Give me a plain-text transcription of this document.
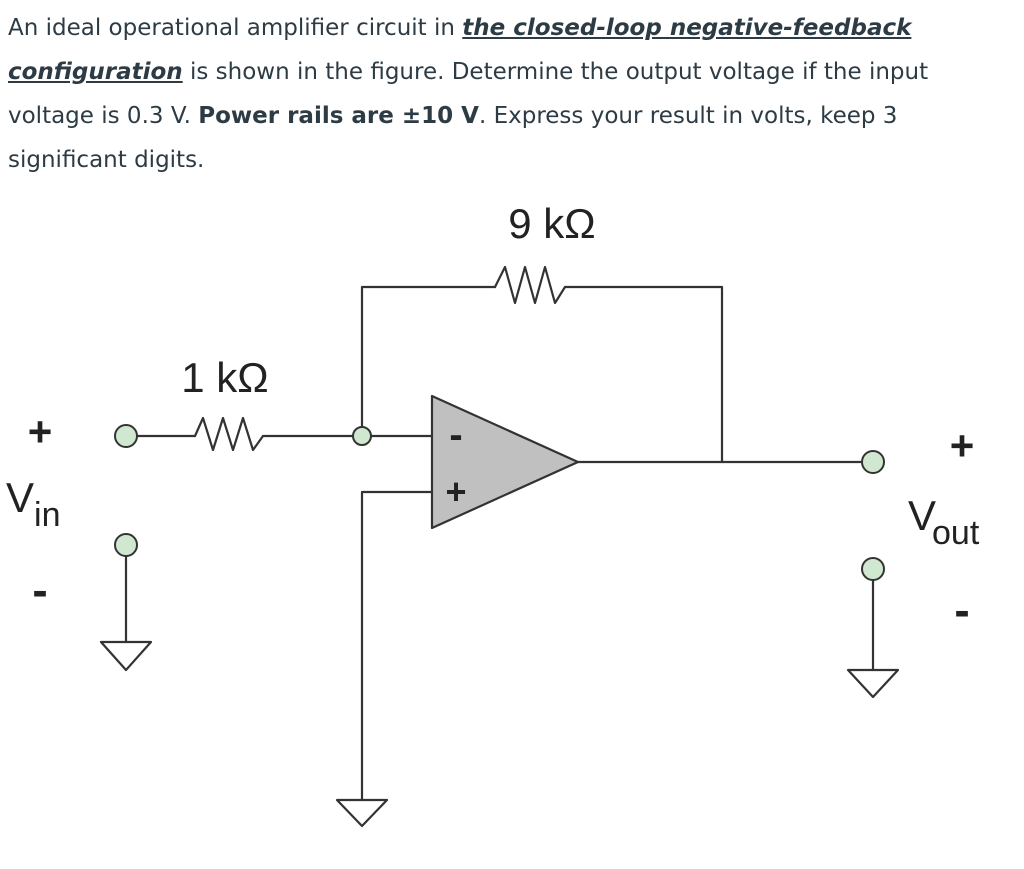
An ideal operational amplifier circuit in the closed-loop negative-feedback configuration is shown in the figure. Determine the output voltage if the input voltage is 0.3 V. Power rails are ±10 V. Express your result in volts, keep 3 significant digits.

-
+
9 kΩ
1 kΩ
+
$V_{in}$
-
+
Vout
-
